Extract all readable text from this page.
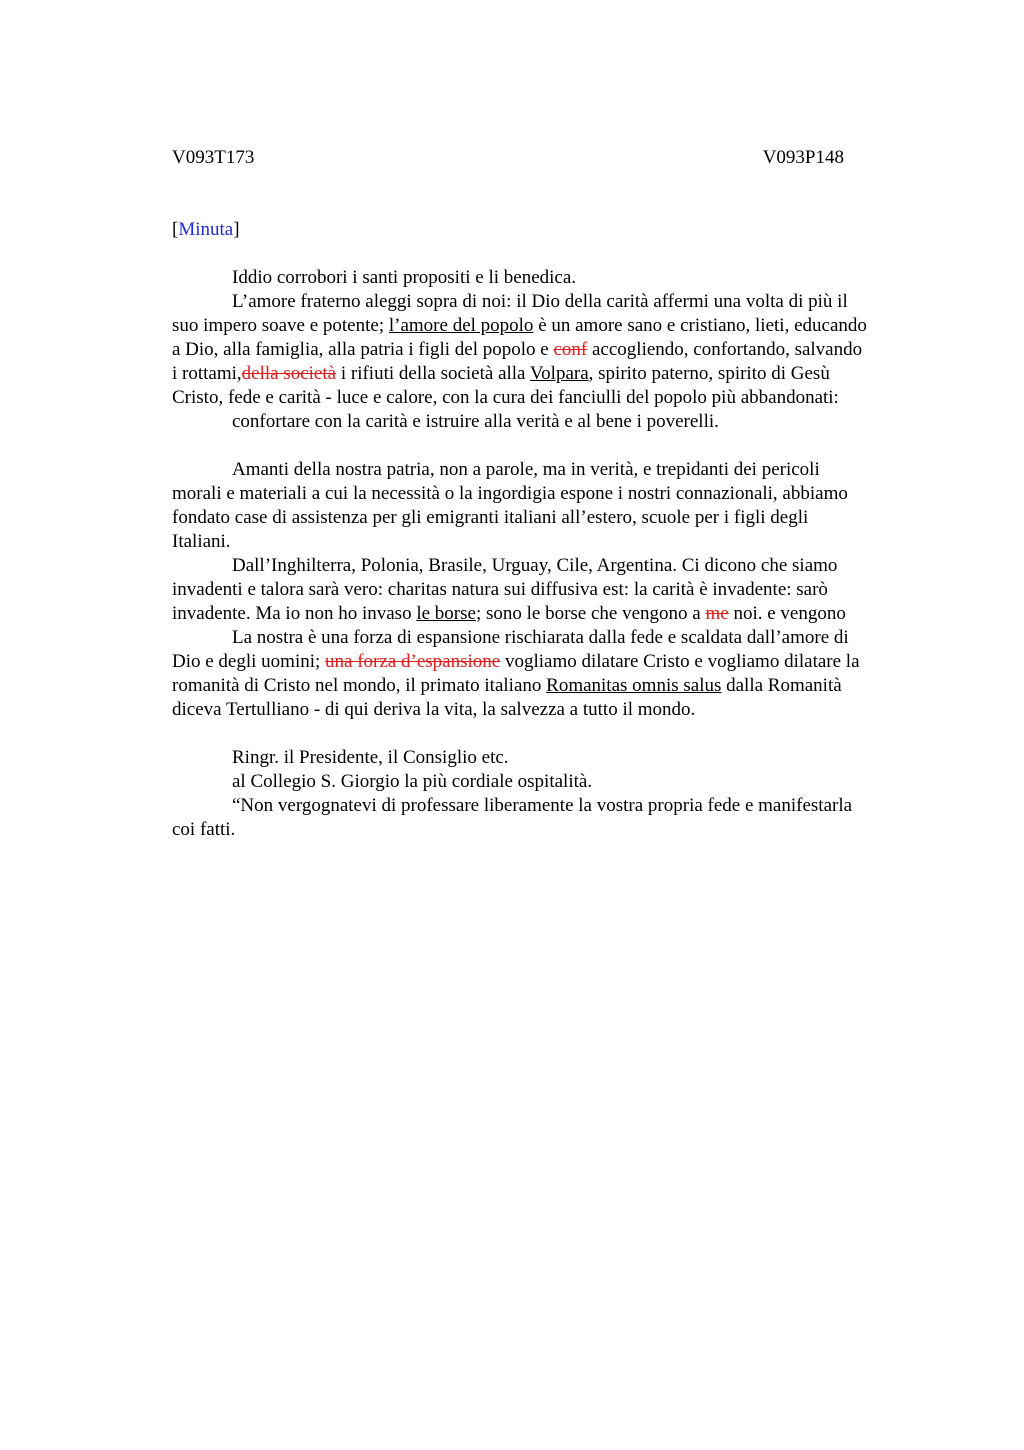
V093T173	V093P148
[Minuta]
Iddio corrobori i santi propositi e li benedica.
L’amore fraterno aleggi sopra di noi: il Dio della carità affermi una volta di più il
suo impero soave e potente; l’amore del popolo è un amore sano e cristiano, lieti, educando
a Dio, alla famiglia, alla patria i figli del popolo e conf accogliendo, confortando, salvando
i rottami,della società i rifiuti della società alla Volpara, spirito paterno, spirito di Gesù
Cristo, fede e carità - luce e calore, con la cura dei fanciulli del popolo più abbandonati:
confortare con la carità e istruire alla verità e al bene i poverelli.
Amanti della nostra patria, non a parole, ma in verità, e trepidanti dei pericoli
morali e materiali a cui la necessità o la ingordigia espone i nostri connazionali, abbiamo
fondato case di assistenza per gli emigranti italiani all’estero, scuole per i figli degli
Italiani.
Dall’Inghilterra, Polonia, Brasile, Urguay, Cile, Argentina. Ci dicono che siamo
invadenti e talora sarà vero: charitas natura sui diffusiva est: la carità è invadente: sarò
invadente. Ma io non ho invaso le borse; sono le borse che vengono a me noi. e vengono
La nostra è una forza di espansione rischiarata dalla fede e scaldata dall’amore di
Dio e degli uomini; una forza d’espansione vogliamo dilatare Cristo e vogliamo dilatare la
romanità di Cristo nel mondo, il primato italiano Romanitas omnis salus dalla Romanità
diceva Tertulliano - di qui deriva la vita, la salvezza a tutto il mondo.
Ringr. il Presidente, il Consiglio etc.
al Collegio S. Giorgio la più cordiale ospitalità.
“Non vergognatevi di professare liberamente la vostra propria fede e manifestarla
coi fatti.
